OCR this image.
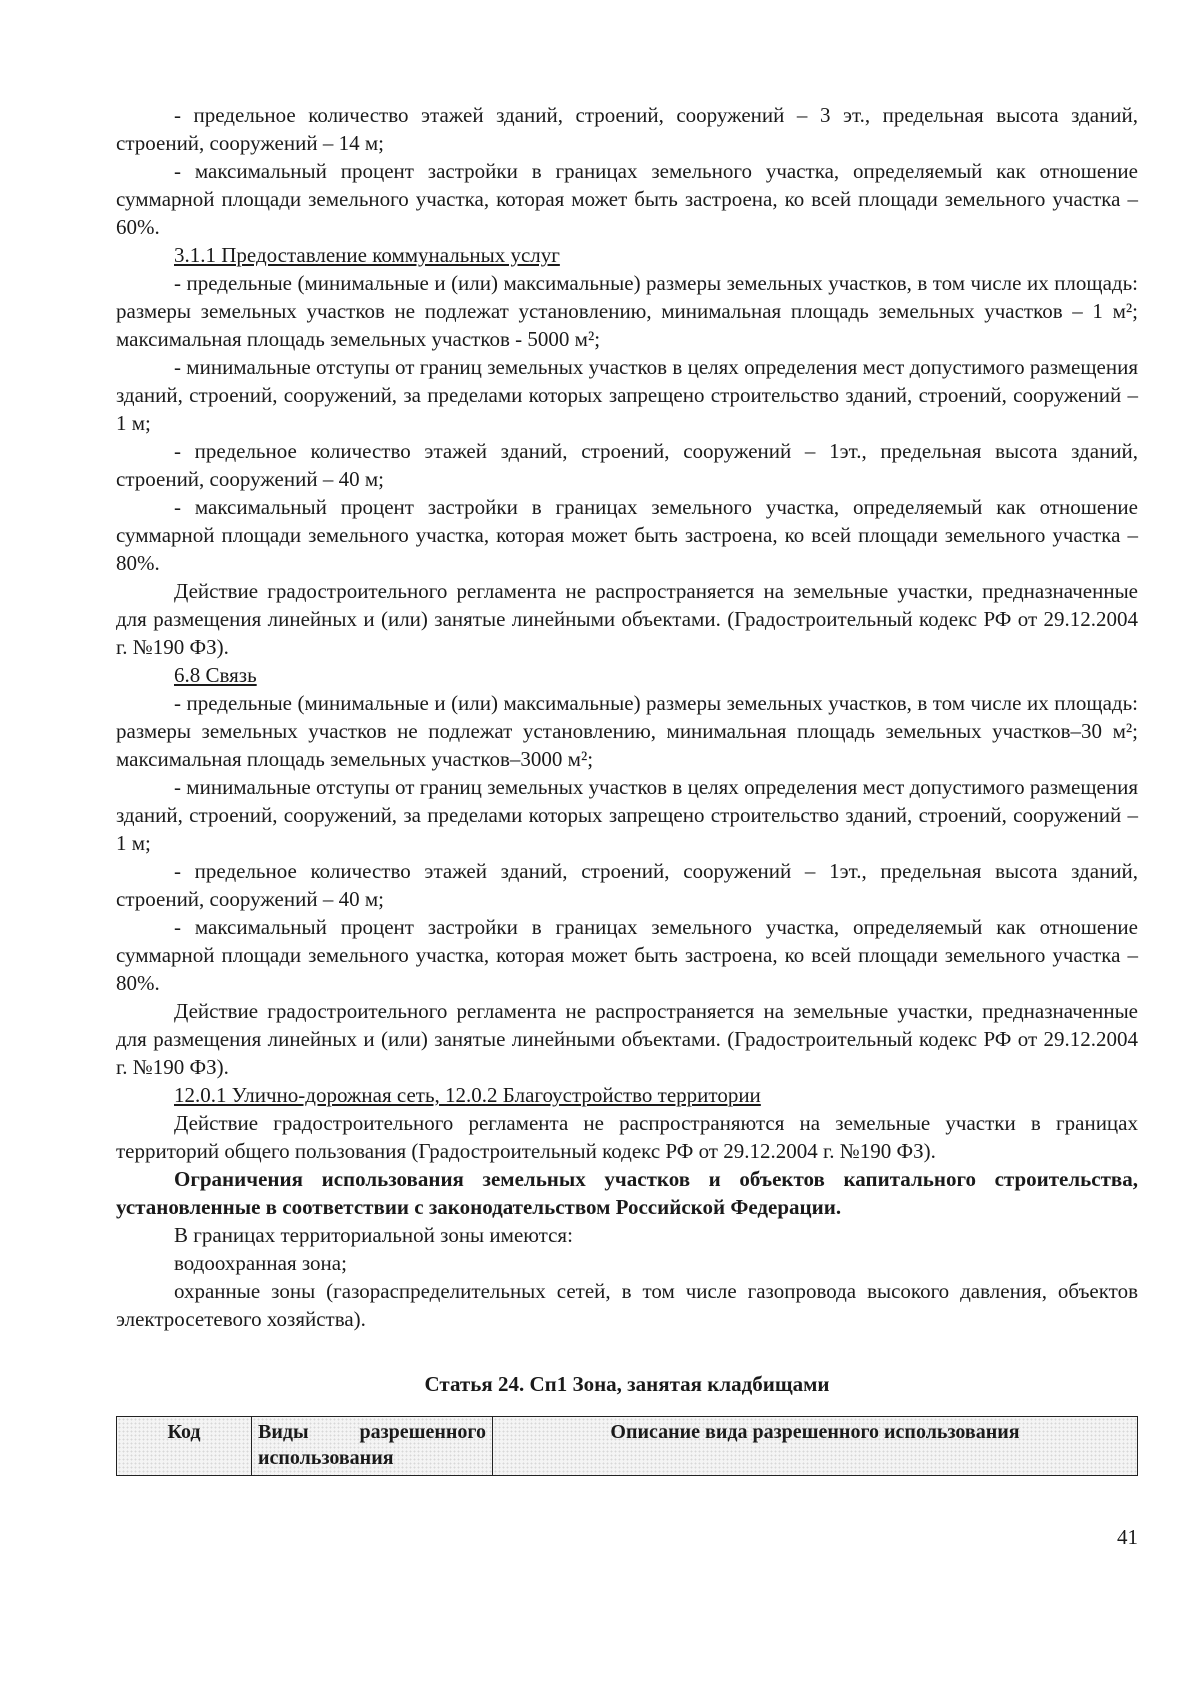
- предельное количество этажей зданий, строений, сооружений – 3 эт., предельная высота зданий, строений, сооружений – 14 м;

- максимальный процент застройки в границах земельного участка, определяемый как отношение суммарной площади земельного участка, которая может быть застроена, ко всей площади земельного участка – 60%.

3.1.1 Предоставление коммунальных услуг

- предельные (минимальные и (или) максимальные) размеры земельных участков, в том числе их площадь: размеры земельных участков не подлежат установлению, минимальная площадь земельных участков – 1 м²; максимальная площадь земельных участков - 5000 м²;

- минимальные отступы от границ земельных участков в целях определения мест допустимого размещения зданий, строений, сооружений, за пределами которых запрещено строительство зданий, строений, сооружений – 1 м;

- предельное количество этажей зданий, строений, сооружений – 1эт., предельная высота зданий, строений, сооружений – 40 м;

- максимальный процент застройки в границах земельного участка, определяемый как отношение суммарной площади земельного участка, которая может быть застроена, ко всей площади земельного участка – 80%.

Действие градостроительного регламента не распространяется на земельные участки, предназначенные для размещения линейных и (или) занятые линейными объектами. (Градостроительный кодекс РФ от 29.12.2004 г. №190 ФЗ).

6.8 Связь

- предельные (минимальные и (или) максимальные) размеры земельных участков, в том числе их площадь: размеры земельных участков не подлежат установлению, минимальная площадь земельных участков–30 м²; максимальная площадь земельных участков–3000 м²;

- минимальные отступы от границ земельных участков в целях определения мест допустимого размещения зданий, строений, сооружений, за пределами которых запрещено строительство зданий, строений, сооружений – 1 м;

- предельное количество этажей зданий, строений, сооружений – 1эт., предельная высота зданий, строений, сооружений – 40 м;

- максимальный процент застройки в границах земельного участка, определяемый как отношение суммарной площади земельного участка, которая может быть застроена, ко всей площади земельного участка – 80%.

Действие градостроительного регламента не распространяется на земельные участки, предназначенные для размещения линейных и (или) занятые линейными объектами. (Градостроительный кодекс РФ от 29.12.2004 г. №190 ФЗ).

12.0.1 Улично-дорожная сеть, 12.0.2 Благоустройство территории

Действие градостроительного регламента не распространяются на земельные участки в границах территорий общего пользования (Градостроительный кодекс РФ от 29.12.2004 г. №190 ФЗ).

Ограничения использования земельных участков и объектов капитального строительства, установленные в соответствии с законодательством Российской Федерации.

В границах территориальной зоны имеются:

водоохранная зона;

охранные зоны (газораспределительных сетей, в том числе газопровода высокого давления, объектов электросетевого хозяйства).

Статья 24. Сп1 Зона, занятая кладбищами

Код	Виды разрешенного использования	Описание вида разрешенного использования
41
